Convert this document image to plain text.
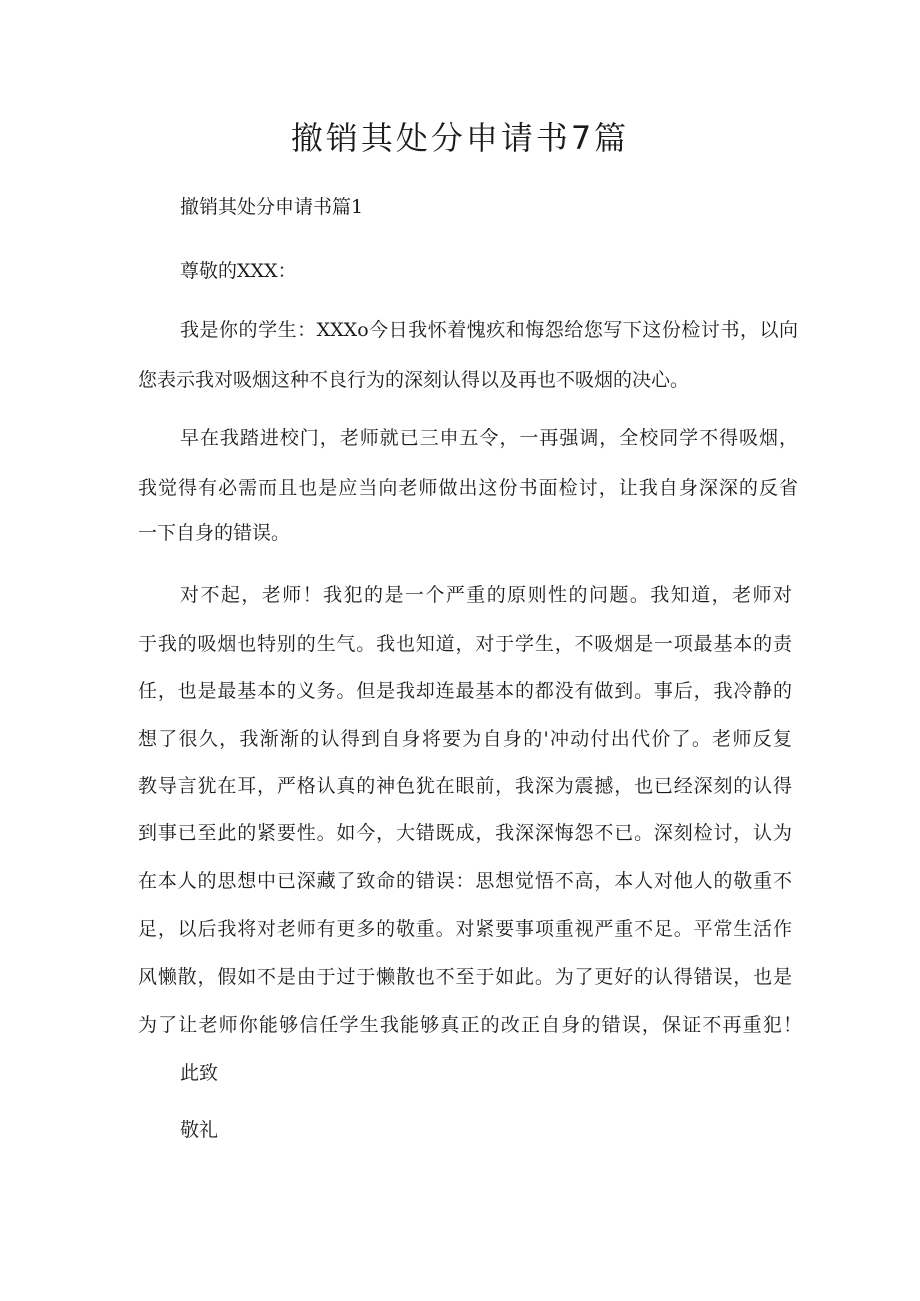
撤销其处分申请书7篇

撤销其处分申请书篇1

尊敬的XXX：

我是你的学生：XXXo今日我怀着愧疚和悔怨给您写下这份检讨书，以向

您表示我对吸烟这种不良行为的深刻认得以及再也不吸烟的决心。

早在我踏进校门，老师就已三申五令，一再强调，全校同学不得吸烟，

我觉得有必需而且也是应当向老师做出这份书面检讨，让我自身深深的反省

一下自身的错误。

对不起，老师！我犯的是一个严重的原则性的问题。我知道，老师对

于我的吸烟也特别的生气。我也知道，对于学生，不吸烟是一项最基本的责

任，也是最基本的义务。但是我却连最基本的都没有做到。事后，我冷静的

想了很久，我渐渐的认得到自身将要为自身的'冲动付出代价了。老师反复

教导言犹在耳，严格认真的神色犹在眼前，我深为震撼，也已经深刻的认得

到事已至此的紧要性。如今，大错既成，我深深悔怨不已。深刻检讨，认为

在本人的思想中已深藏了致命的错误：思想觉悟不高，本人对他人的敬重不

足，以后我将对老师有更多的敬重。对紧要事项重视严重不足。平常生活作

风懒散，假如不是由于过于懒散也不至于如此。为了更好的认得错误，也是

为了让老师你能够信任学生我能够真正的改正自身的错误，保证不再重犯！

此致

敬礼
